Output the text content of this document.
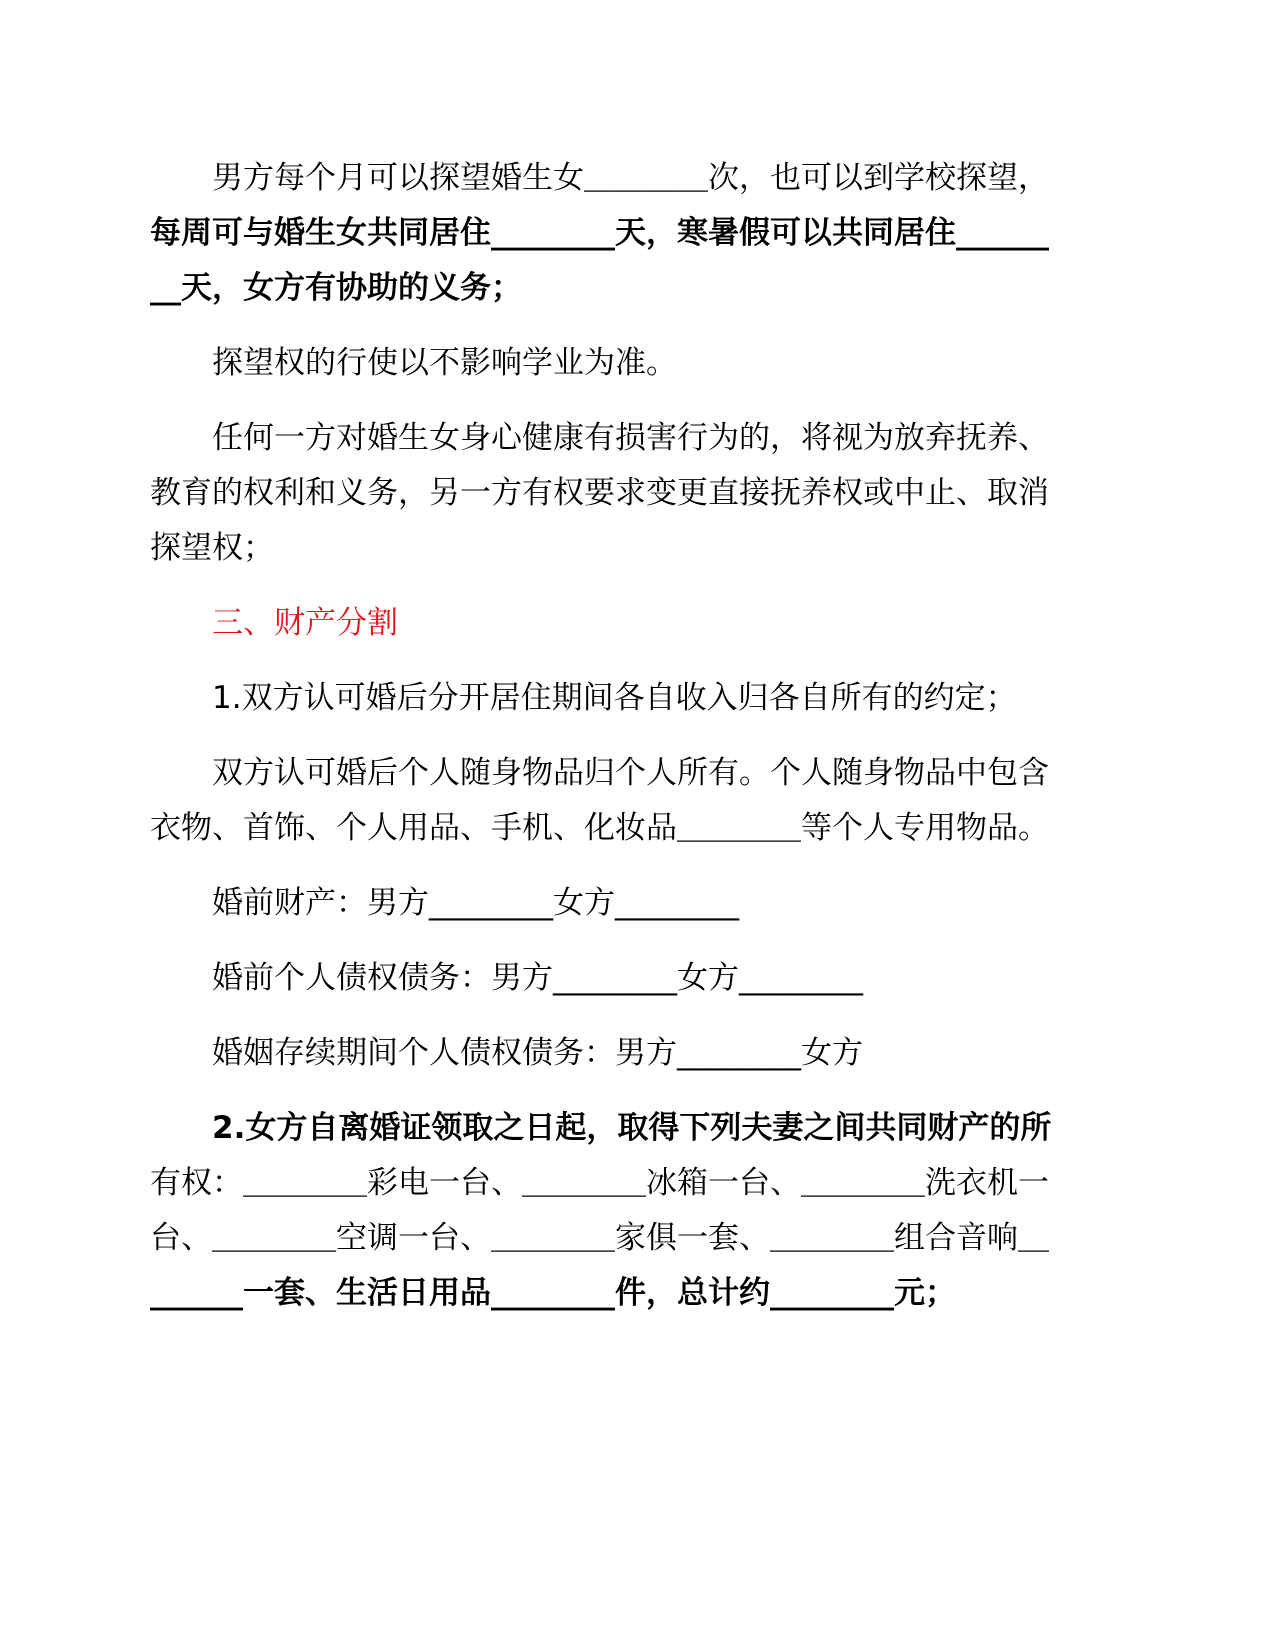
　　男方每个月可以探望婚生女＿＿＿＿次，也可以到学校探望，
每周可与婚生女共同居住________天，寒暑假可以共同居住______
__天，女方有协助的义务；
　　探望权的行使以不影响学业为准。
　　任何一方对婚生女身心健康有损害行为的，将视为放弃抚养、
教育的权利和义务，另一方有权要求变更直接抚养权或中止、取消
探望权；
　　三、财产分割
　　1.双方认可婚后分开居住期间各自收入归各自所有的约定；
　　双方认可婚后个人随身物品归个人所有。个人随身物品中包含
衣物、首饰、个人用品、手机、化妆品＿＿＿＿等个人专用物品。
　　婚前财产：男方________女方________
　　婚前个人债权债务：男方________女方________
　　婚姻存续期间个人债权债务：男方________女方
　　2.女方自离婚证领取之日起，取得下列夫妻之间共同财产的所
有权：＿＿＿＿彩电一台、＿＿＿＿冰箱一台、＿＿＿＿洗衣机一
台、＿＿＿＿空调一台、＿＿＿＿家俱一套、＿＿＿＿组合音响＿
______一套、生活日用品________件，总计约________元；
